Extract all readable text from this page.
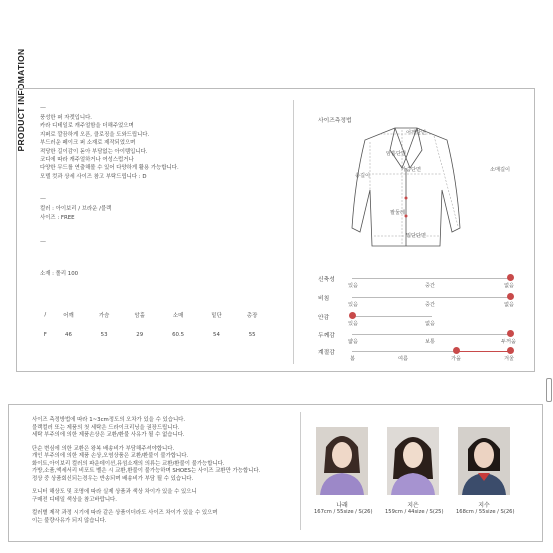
PRODUCT INFOMATION —
풍성한 퍼 자켓입니다.
카라 디테일로 캐주얼함을 더해주었으며
지퍼로 깔끔하게 오픈, 클로징을 도와드립니다.
부드러운 페이크 퍼 소재로 제작되었으며
적당한 길이감이 돋아 부담없는 아이템입니다.
코디에 따라 캐주얼하거나 여성스럽거나
다양한 무드를 연출해볼 수 있어 다양하게 활용 가능합니다.
모델 컷과 상세 사이즈 참고 부탁드립니다 : D
—
컬러 : 아이보리 / 브라운 /블랙
사이즈 : FREE
—
소재 : 폴리 100
/	어깨	가슴	암홀	소매	밑단	총장
F	46	53	29	60.5	54	55
사이즈측정법
어깨단면
암홀단면
가슴단면	소매길이
총길이
팔둘레
밑단단면
신축성
있음	중간	없음
비침
있음	중간	없음
안감
있음	없음
두께감
얇음	보통	두꺼움
계절감
봄	여름	가을	겨울
사이즈 측정방법에 따라 1~3cm정도의 오차가 있을 수 있습니다.
블랙컬러 또는 제품의 첫 세탁은 드라이크리닝을 권장드립니다.
세탁 부주의에 의한 제품손상은 교환/환불 사유가 될 수 없습니다.
단순 변심에 의한 교환은 왕복 배송비가 부담해주셔야합니다.
개인 부주의에 의한 제품 손상,오염상품은 교환/환불이 불가합니다.
화이트,아이보리 컬러의 파운데이션,뮤섬소재의 의류는 교환/환불이 불가능합니다.
가방,소품,액세서리 비포트 벨은 시 교환,환불이 불가능하며 SHOES는 사이즈 교환만 가능합니다.
정상 중 상품회신되는경우는 반송되며 배송비가 부담 될 수 있습니다.
모니터 해상도 및 조명에 따라 실제 상품과 색상 차이가 있을 수 있으니
구매전 디테일 색상을 참고바랍니다.
컬러별 제작 과정 시기에 따라 같은 상품이더라도 사이즈 차이가 있을 수 있으며
이는 불량사유가 되지 않습니다.
나래	지은	지수
167cm / 55size / S(26) 159cm / 44size / S(25) 168cm / 55size / S(26)
